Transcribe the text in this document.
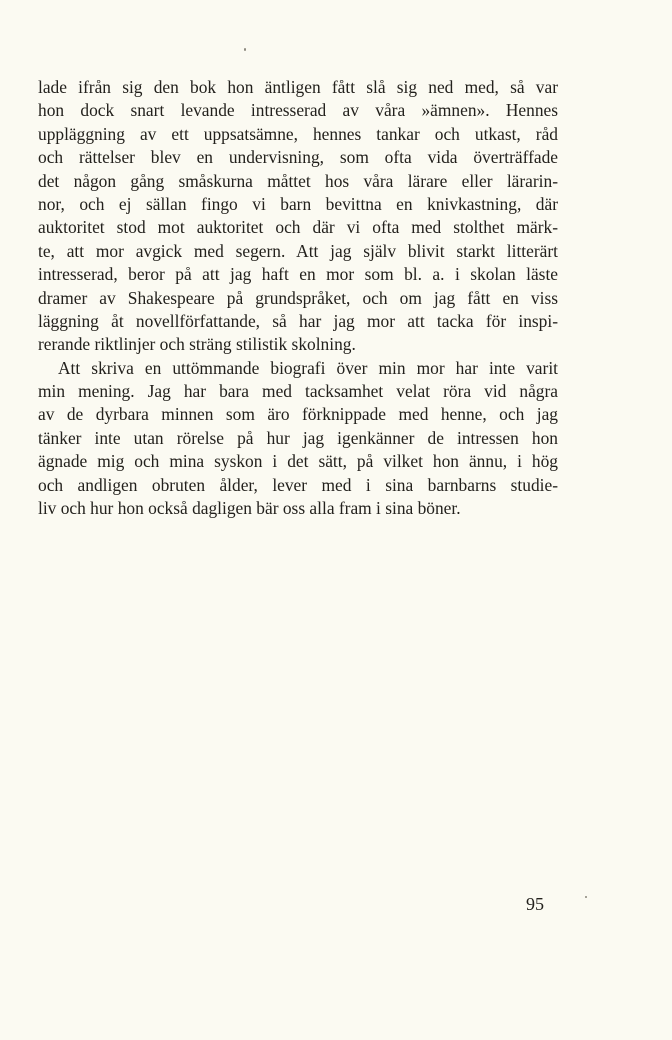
lade ifrån sig den bok hon äntligen fått slå sig ned med, så var
hon dock snart levande intresserad av våra »ämnen». Hennes
uppläggning av ett uppsatsämne, hennes tankar och utkast, råd
och rättelser blev en undervisning, som ofta vida överträffade
det någon gång småskurna måttet hos våra lärare eller lärarin-
nor, och ej sällan fingo vi barn bevittna en knivkastning, där
auktoritet stod mot auktoritet och där vi ofta med stolthet märk-
te, att mor avgick med segern. Att jag själv blivit starkt litterärt
intresserad, beror på att jag haft en mor som bl. a. i skolan läste
dramer av Shakespeare på grundspråket, och om jag fått en viss
läggning åt novellförfattande, så har jag mor att tacka för inspi-
rerande riktlinjer och sträng stilistik skolning.
Att skriva en uttömmande biografi över min mor har inte varit
min mening. Jag har bara med tacksamhet velat röra vid några
av de dyrbara minnen som äro förknippade med henne, och jag
tänker inte utan rörelse på hur jag igenkänner de intressen hon
ägnade mig och mina syskon i det sätt, på vilket hon ännu, i hög
och andligen obruten ålder, lever med i sina barnbarns studie-
liv och hur hon också dagligen bär oss alla fram i sina böner.
95
